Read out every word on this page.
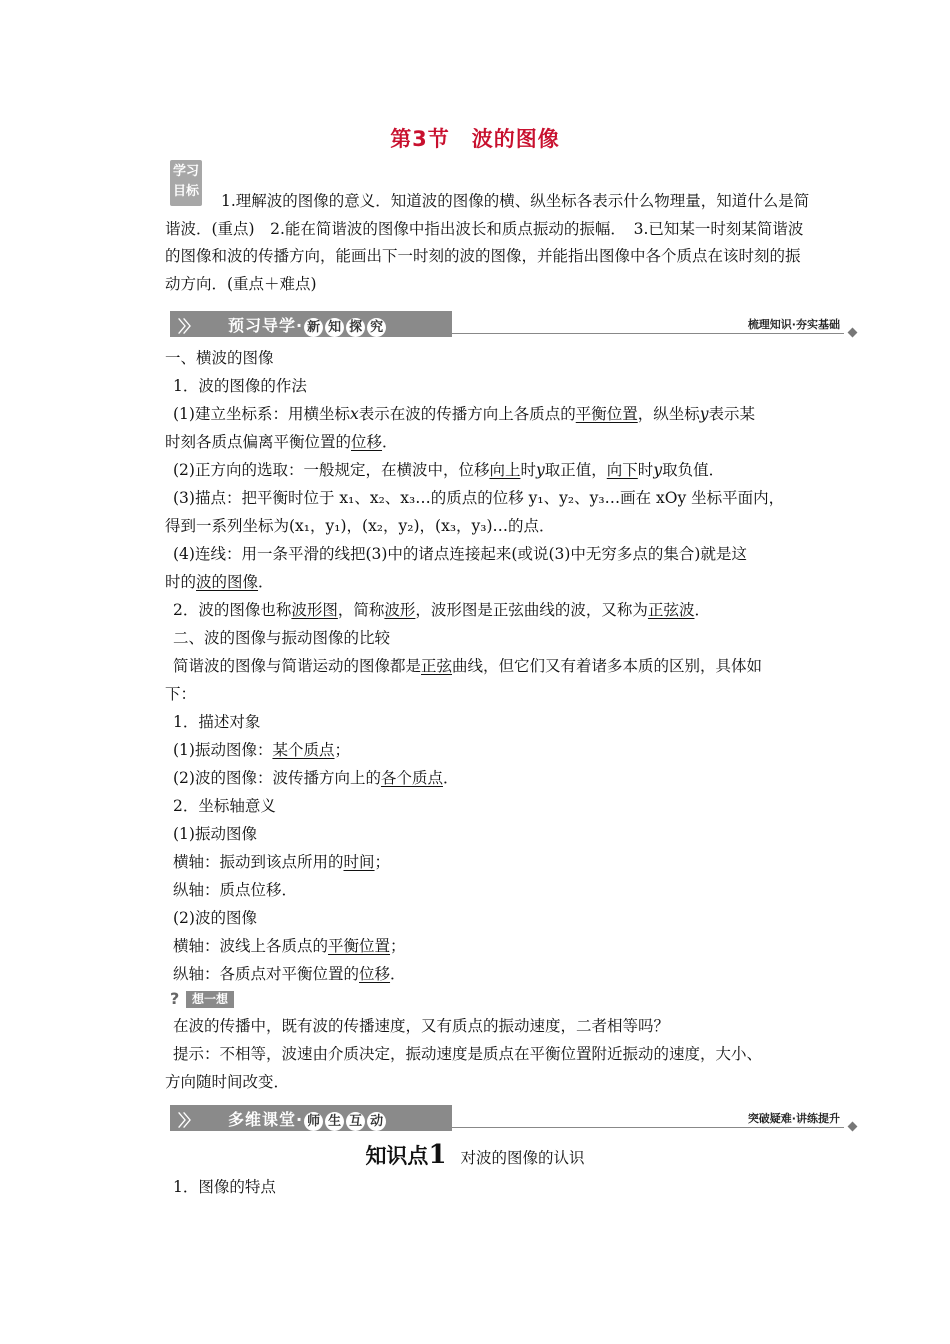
第3节　波的图像
学习
目标
1.理解波的图像的意义．知道波的图像的横、纵坐标各表示什么物理量，知道什么是简谐波．(重点)　2.能在简谐波的图像中指出波长和质点振动的振幅．　3.已知某一时刻某简谐波的图像和波的传播方向，能画出下一时刻的波的图像，并能指出图像中各个质点在该时刻的振动方向．(重点＋难点)
〉〉 预习导学· 新 知 探 究	梳理知识·夯实基础
一、横波的图像
1．波的图像的作法
(1)建立坐标系：用横坐标x表示在波的传播方向上各质点的平衡位置，纵坐标y表示某
时刻各质点偏离平衡位置的位移．
(2)正方向的选取：一般规定，在横波中，位移向上时y取正值，向下时y取负值．
(3)描点：把平衡时位于 x₁、x₂、x₃…的质点的位移 y₁、y₂、y₃…画在 xOy 坐标平面内，
得到一系列坐标为(x₁，y₁)，(x₂，y₂)，(x₃，y₃)…的点．
(4)连线：用一条平滑的线把(3)中的诸点连接起来(或说(3)中无穷多点的集合)就是这
时的波的图像．
2．波的图像也称波形图，简称波形，波形图是正弦曲线的波，又称为正弦波．
二、波的图像与振动图像的比较
简谐波的图像与简谐运动的图像都是正弦曲线，但它们又有着诸多本质的区别，具体如
下：
1．描述对象
(1)振动图像：某个质点；
(2)波的图像：波传播方向上的各个质点．
2．坐标轴意义
(1)振动图像
横轴：振动到该点所用的时间；
纵轴：质点位移．
(2)波的图像
横轴：波线上各质点的平衡位置；
纵轴：各质点对平衡位置的位移．
?	想一想
在波的传播中，既有波的传播速度，又有质点的振动速度，二者相等吗？
提示：不相等，波速由介质决定，振动速度是质点在平衡位置附近振动的速度，大小、
方向随时间改变．
〉〉 多维课堂· 师 生 互 动	突破疑难·讲练提升
知识点1 对波的图像的认识
1．图像的特点
